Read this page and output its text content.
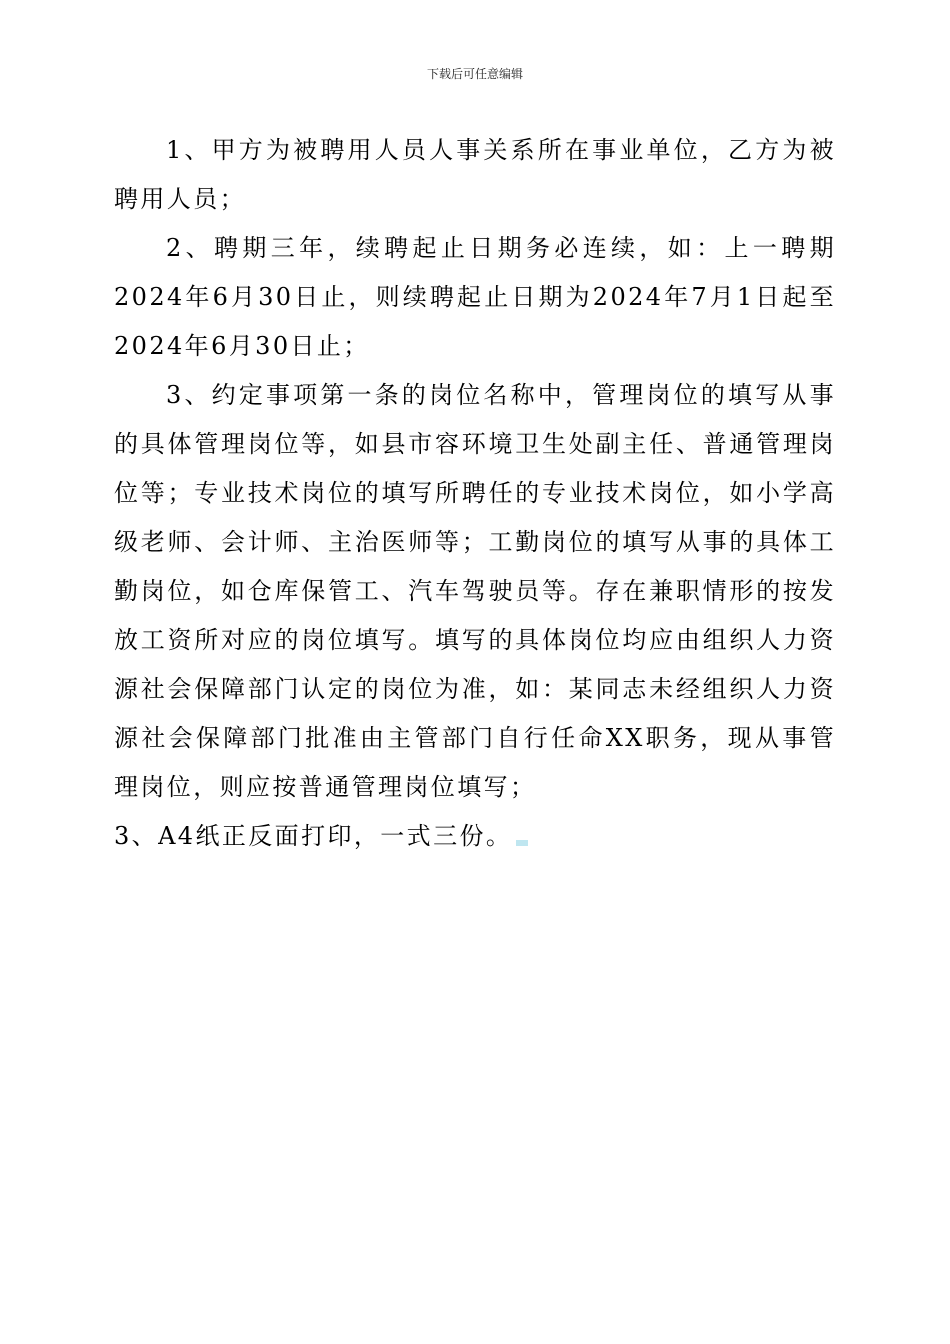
下载后可任意编辑

1、甲方为被聘用人员人事关系所在事业单位，乙方为被聘用人员；

2、聘期三年，续聘起止日期务必连续，如：上一聘期2024年6月30日止，则续聘起止日期为2024年7月1日起至2024年6月30日止；

3、约定事项第一条的岗位名称中，管理岗位的填写从事的具体管理岗位等，如县市容环境卫生处副主任、普通管理岗位等；专业技术岗位的填写所聘任的专业技术岗位，如小学高级老师、会计师、主治医师等；工勤岗位的填写从事的具体工勤岗位，如仓库保管工、汽车驾驶员等。存在兼职情形的按发放工资所对应的岗位填写。填写的具体岗位均应由组织人力资源社会保障部门认定的岗位为准，如：某同志未经组织人力资源社会保障部门批准由主管部门自行任命XX职务，现从事管理岗位，则应按普通管理岗位填写；

3、A4纸正反面打印，一式三份。
